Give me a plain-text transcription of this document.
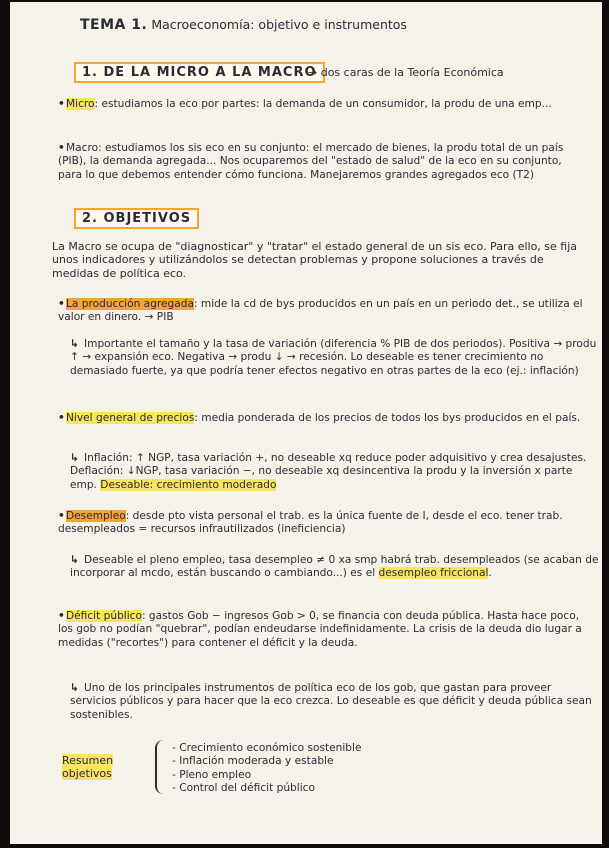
TEMA 1. Macroeconomía: objetivo e instrumentos
1. DE LA MICRO A LA MACRO
→ dos caras de la Teoría Económica
•Micro: estudiamos la eco por partes: la demanda de un consumidor, la produ de una emp...
•Macro: estudiamos los sis eco en su conjunto: el mercado de bienes, la produ total de un país (PIB), la demanda agregada... Nos ocuparemos del "estado de salud" de la eco en su conjunto, para lo que debemos entender cómo funciona. Manejaremos grandes agregados eco (T2)
2. OBJETIVOS
La Macro se ocupa de "diagnosticar" y "tratar" el estado general de un sis eco. Para ello, se fija unos indicadores y utilizándolos se detectan problemas y propone soluciones a través de medidas de política eco.
•La producción agregada: mide la cd de bys producidos en un país en un periodo det., se utiliza el valor en dinero. → PIB
↳ Importante el tamaño y la tasa de variación (diferencia % PIB de dos periodos). Positiva → produ ↑ → expansión eco. Negativa → produ ↓ → recesión. Lo deseable es tener crecimiento no demasiado fuerte, ya que podría tener efectos negativo en otras partes de la eco (ej.: inflación)
•Nivel general de precios: media ponderada de los precios de todos los bys producidos en el país.
↳ Inflación: ↑ NGP, tasa variación +, no deseable xq reduce poder adquisitivo y crea desajustes. Deflación: ↓NGP, tasa variación −, no deseable xq desincentiva la produ y la inversión x parte emp. Deseable: crecimiento moderado
•Desempleo: desde pto vista personal el trab. es la única fuente de I, desde el eco. tener trab. desempleados = recursos infrautilizados (ineficiencia)
↳ Deseable el pleno empleo, tasa desempleo ≠ 0 xa smp habrá trab. desempleados (se acaban de incorporar al mcdo, están buscando o cambiando...) es el desempleo friccional.
•Déficit público: gastos Gob − ingresos Gob > 0, se financia con deuda pública. Hasta hace poco, los gob no podían "quebrar", podían endeudarse indefinidamente. La crisis de la deuda dio lugar a medidas ("recortes") para contener el déficit y la deuda.
↳ Uno de los principales instrumentos de política eco de los gob, que gastan para proveer servicios públicos y para hacer que la eco crezca. Lo deseable es que déficit y deuda pública sean sostenibles.
Resumen objetivos
- Crecimiento económico sostenible
- Inflación moderada y estable
- Pleno empleo
- Control del déficit público
